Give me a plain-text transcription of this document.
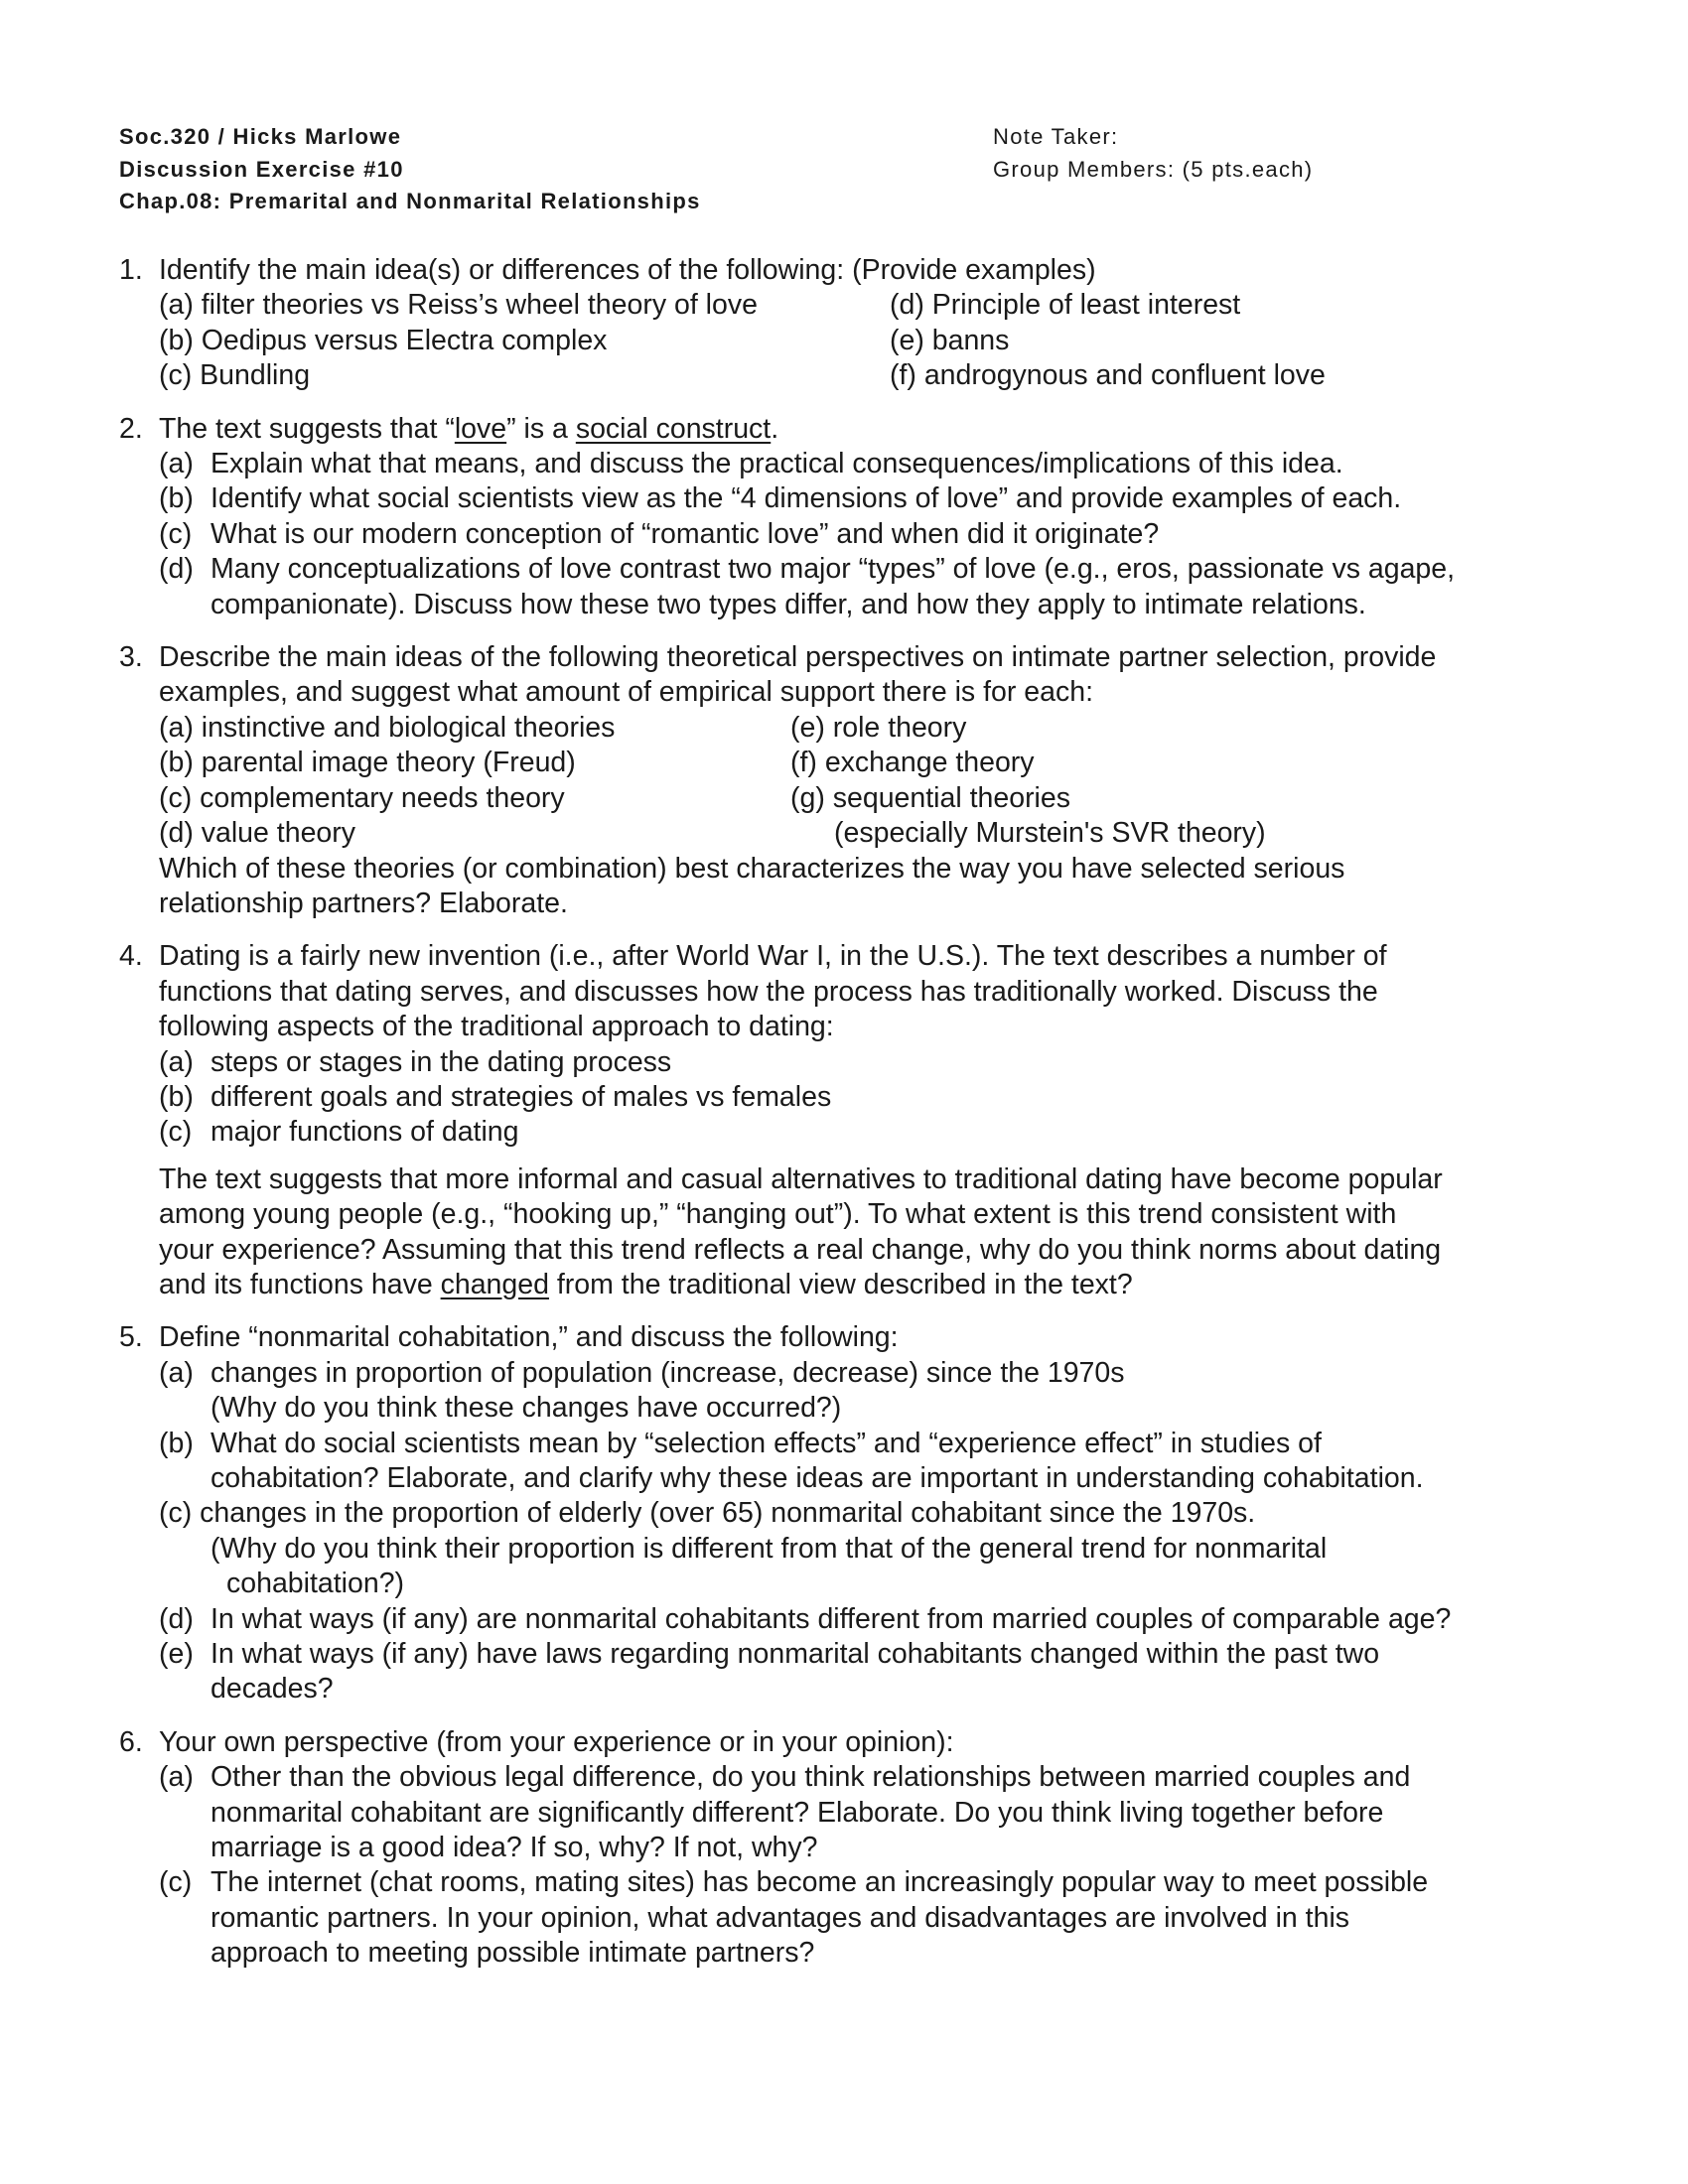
Soc.320 / Hicks Marlowe
Discussion Exercise #10
Chap.08: Premarital and Nonmarital Relationships
Note Taker:
Group Members: (5 pts.each)
1. Identify the main idea(s) or differences of the following: (Provide examples)
(a) filter theories vs Reiss’s wheel theory of love
(b) Oedipus versus Electra complex
(c) Bundling
(d) Principle of least interest
(e) banns
(f) androgynous and confluent love
2. The text suggests that “love” is a social construct.
(a) Explain what that means, and discuss the practical consequences/implications of this idea.
(b) Identify what social scientists view as the “4 dimensions of love” and provide examples of each.
(c) What is our modern conception of “romantic love” and when did it originate?
(d) Many conceptualizations of love contrast two major “types” of love (e.g., eros, passionate vs agape,
companionate). Discuss how these two types differ, and how they apply to intimate relations.
3. Describe the main ideas of the following theoretical perspectives on intimate partner selection, provide
examples, and suggest what amount of empirical support there is for each:
(a) instinctive and biological theories
(b) parental image theory (Freud)
(c) complementary needs theory
(d) value theory
(e) role theory
(f) exchange theory
(g) sequential theories
(especially Murstein's SVR theory)
Which of these theories (or combination) best characterizes the way you have selected serious
relationship partners? Elaborate.
4. Dating is a fairly new invention (i.e., after World War I, in the U.S.). The text describes a number of
functions that dating serves, and discusses how the process has traditionally worked. Discuss the
following aspects of the traditional approach to dating:
(a) steps or stages in the dating process
(b) different goals and strategies of males vs females
(c) major functions of dating
The text suggests that more informal and casual alternatives to traditional dating have become popular
among young people (e.g., “hooking up,” “hanging out”). To what extent is this trend consistent with
your experience? Assuming that this trend reflects a real change, why do you think norms about dating
and its functions have changed from the traditional view described in the text?
5. Define “nonmarital cohabitation,” and discuss the following:
(a) changes in proportion of population (increase, decrease) since the 1970s
(Why do you think these changes have occurred?)
(b) What do social scientists mean by “selection effects” and “experience effect” in studies of
cohabitation? Elaborate, and clarify why these ideas are important in understanding cohabitation.
(c) changes in the proportion of elderly (over 65) nonmarital cohabitant since the 1970s.
(Why do you think their proportion is different from that of the general trend for nonmarital
cohabitation?)
(d) In what ways (if any) are nonmarital cohabitants different from married couples of comparable age?
(e) In what ways (if any) have laws regarding nonmarital cohabitants changed within the past two
decades?
6. Your own perspective (from your experience or in your opinion):
(a) Other than the obvious legal difference, do you think relationships between married couples and
nonmarital cohabitant are significantly different? Elaborate. Do you think living together before
marriage is a good idea? If so, why? If not, why?
(c) The internet (chat rooms, mating sites) has become an increasingly popular way to meet possible
romantic partners. In your opinion, what advantages and disadvantages are involved in this
approach to meeting possible intimate partners?
